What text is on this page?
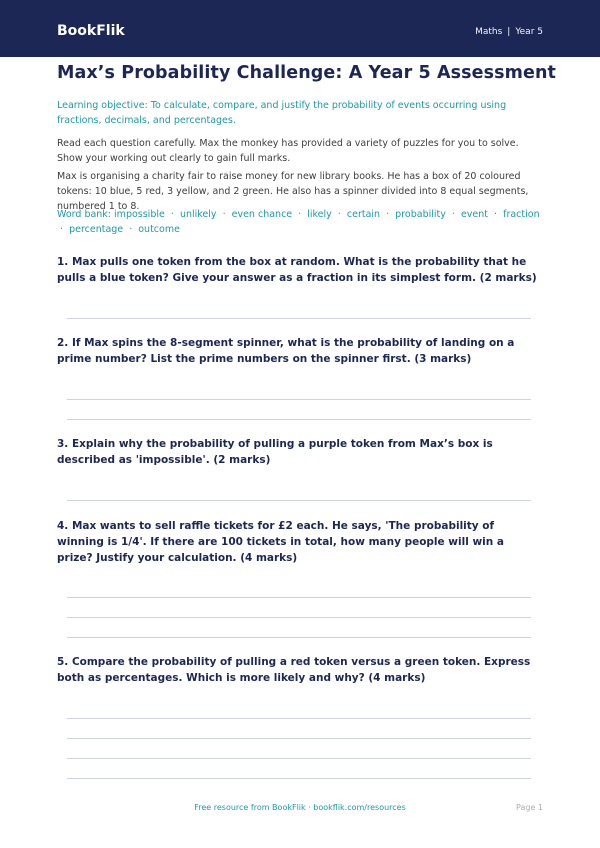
BookFlik	Maths | Year 5
Max’s Probability Challenge: A Year 5 Assessment

Learning objective: To calculate, compare, and justify the probability of events occurring using fractions, decimals, and percentages.

Read each question carefully. Max the monkey has provided a variety of puzzles for you to solve. Show your working out clearly to gain full marks.

Max is organising a charity fair to raise money for new library books. He has a box of 20 coloured tokens: 10 blue, 5 red, 3 yellow, and 2 green. He also has a spinner divided into 8 equal segments, numbered 1 to 8.

Word bank: impossible · unlikely · even chance · likely · certain · probability · event · fraction · percentage · outcome

1. Max pulls one token from the box at random. What is the probability that he pulls a blue token? Give your answer as a fraction in its simplest form. (2 marks)

2. If Max spins the 8-segment spinner, what is the probability of landing on a prime number? List the prime numbers on the spinner first. (3 marks)

3. Explain why the probability of pulling a purple token from Max’s box is described as 'impossible'. (2 marks)

4. Max wants to sell raffle tickets for £2 each. He says, 'The probability of winning is 1/4'. If there are 100 tickets in total, how many people will win a prize? Justify your calculation. (4 marks)

5. Compare the probability of pulling a red token versus a green token. Express both as percentages. Which is more likely and why? (4 marks)

Free resource from BookFlik · bookflik.com/resources	Page 1
